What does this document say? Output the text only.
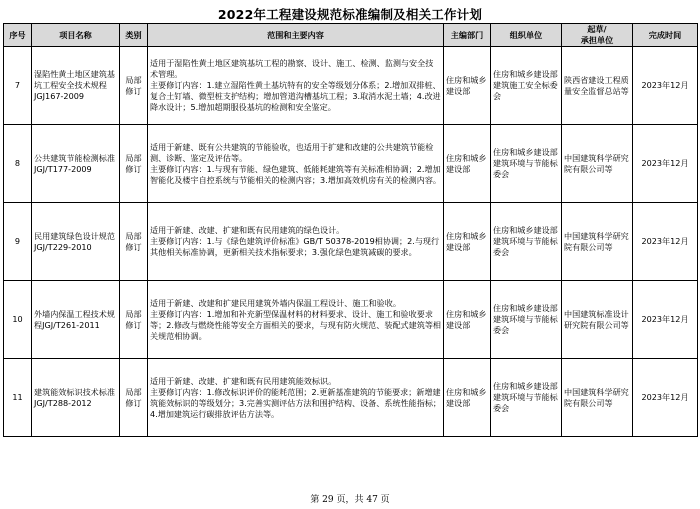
2022年工程建设规范标准编制及相关工作计划
序号	项目名称	类别	范围和主要内容	主编部门	组织单位	起草/
承担单位	完成时间
7	湿陷性黄土地区建筑基坑工程安全技术规程JGJ167-2009	局部修订	适用于湿陷性黄土地区建筑基坑工程的勘察、设计、施工、检测、监测与安全技术管理。
主要修订内容：1.建立湿陷性黄土基坑特有的安全等级划分体系；2.增加双排桩、复合土钉墙、微型桩支护结构；增加管道沟槽基坑工程；3.取消水泥土墙；4.改进降水设计；5.增加超期服役基坑的检测和安全鉴定。	住房和城乡建设部	住房和城乡建设部建筑施工安全标委会	陕西省建设工程质量安全监督总站等	2023年12月
8	公共建筑节能检测标准JGJ/T177-2009	局部修订	适用于新建、既有公共建筑的节能验收，也适用于扩建和改建的公共建筑节能检测、诊断、鉴定及评估等。
主要修订内容：1.与现有节能、绿色建筑、低能耗建筑等有关标准相协调；2.增加智能化及楼宇自控系统与节能相关的检测内容；3.增加高效机房有关的检测内容。	住房和城乡建设部	住房和城乡建设部建筑环境与节能标委会	中国建筑科学研究院有限公司等	2023年12月
9	民用建筑绿色设计规范JGJ/T229-2010	局部修订	适用于新建、改建、扩建和既有民用建筑的绿色设计。
主要修订内容：1.与《绿色建筑评价标准》GB/T 50378-2019相协调；2.与现行其他相关标准协调，更新相关技术指标要求；3.强化绿色建筑减碳的要求。	住房和城乡建设部	住房和城乡建设部建筑环境与节能标委会	中国建筑科学研究院有限公司等	2023年12月
10	外墙内保温工程技术规程JGJ/T261-2011	局部修订	适用于新建、改建和扩建民用建筑外墙内保温工程设计、施工和验收。
主要修订内容：1.增加和补充新型保温材料的材料要求、设计、施工和验收要求等；2.修改与燃烧性能等安全方面相关的要求，与现有防火规范、装配式建筑等相关规范相协调。	住房和城乡建设部	住房和城乡建设部建筑环境与节能标委会	中国建筑标准设计研究院有限公司等	2023年12月
11	建筑能效标识技术标准JGJ/T288-2012	局部修订	适用于新建、改建、扩建和既有民用建筑能效标识。
主要修订内容：1.修改标识评价的能耗范围；2.更新基准建筑的节能要求；新增建筑能效标识的等级划分；3.完善实测评估方法和围护结构、设备、系统性能指标；4.增加建筑运行碳排放评估方法等。	住房和城乡建设部	住房和城乡建设部建筑环境与节能标委会	中国建筑科学研究院有限公司等	2023年12月
第 29 页，共 47 页
